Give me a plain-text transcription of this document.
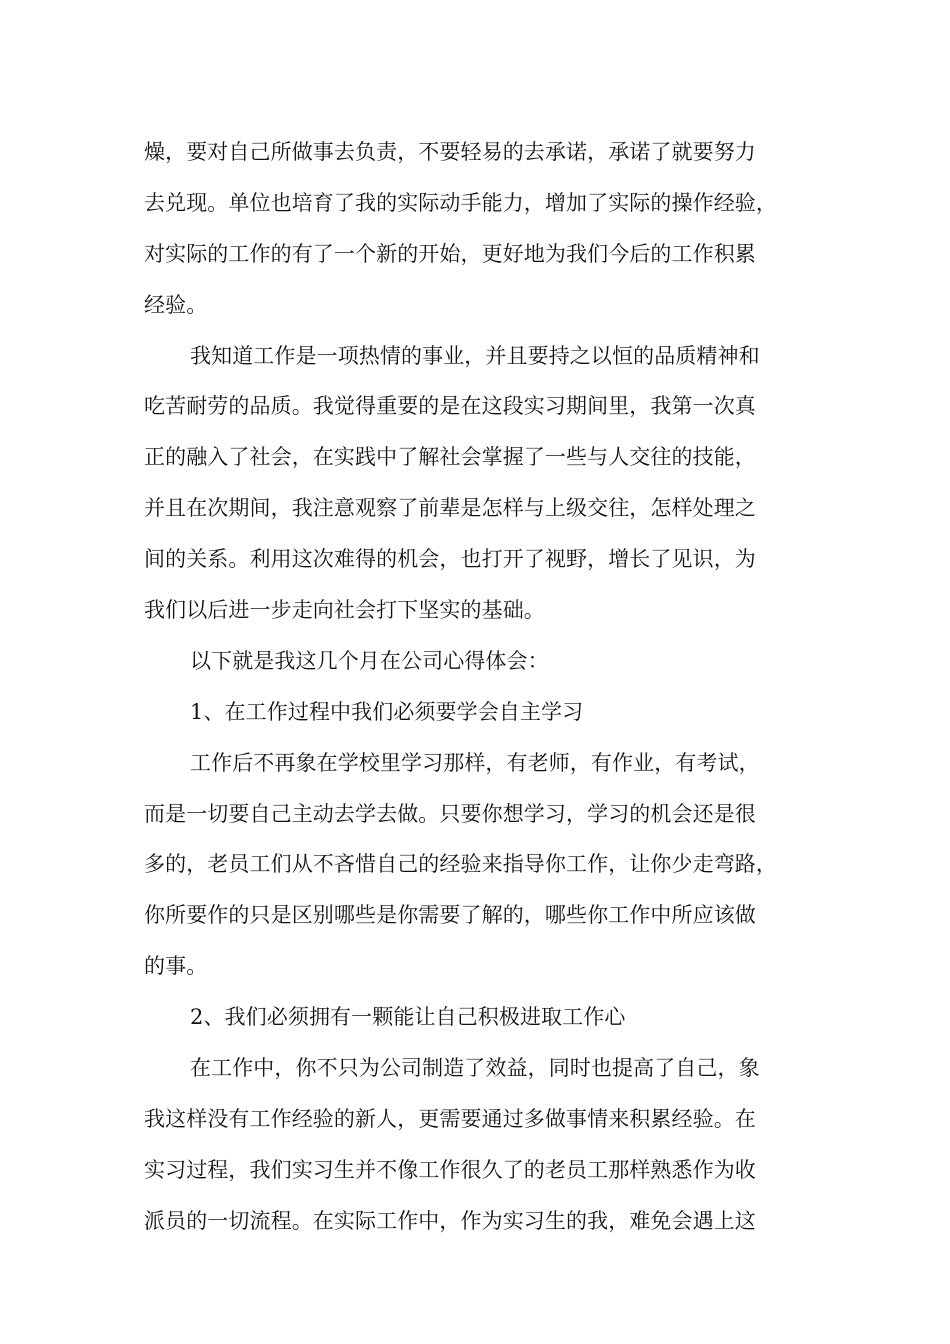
燥，要对自己所做事去负责，不要轻易的去承诺，承诺了就要努力
去兑现。单位也培育了我的实际动手能力，增加了实际的操作经验，
对实际的工作的有了一个新的开始，更好地为我们今后的工作积累
经验。
我知道工作是一项热情的事业，并且要持之以恒的品质精神和
吃苦耐劳的品质。我觉得重要的是在这段实习期间里，我第一次真
正的融入了社会，在实践中了解社会掌握了一些与人交往的技能，
并且在次期间，我注意观察了前辈是怎样与上级交往，怎样处理之
间的关系。利用这次难得的机会，也打开了视野，增长了见识，为
我们以后进一步走向社会打下坚实的基础。
以下就是我这几个月在公司心得体会：
1、在工作过程中我们必须要学会自主学习
工作后不再象在学校里学习那样，有老师，有作业，有考试，
而是一切要自己主动去学去做。只要你想学习，学习的机会还是很
多的，老员工们从不吝惜自己的经验来指导你工作，让你少走弯路，
你所要作的只是区别哪些是你需要了解的，哪些你工作中所应该做
的事。
2、我们必须拥有一颗能让自己积极进取工作心
在工作中，你不只为公司制造了效益，同时也提高了自己，象
我这样没有工作经验的新人，更需要通过多做事情来积累经验。在
实习过程，我们实习生并不像工作很久了的老员工那样熟悉作为收
派员的一切流程。在实际工作中，作为实习生的我，难免会遇上这
